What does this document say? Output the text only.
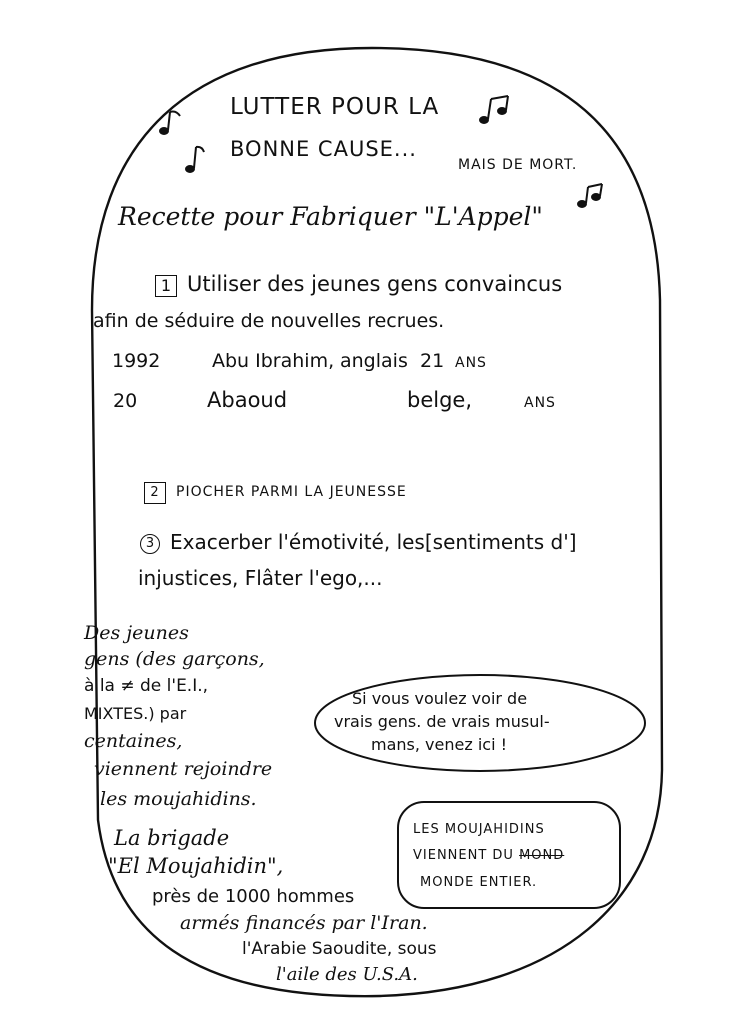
LUTTER POUR LA
BONNE CAUSE...
MAIS DE MORT.
Recette pour Fabriquer "L'Appel"
1 Utiliser des jeunes gens convaincus
afin de séduire de nouvelles recrues.
1992	Abu Ibrahim, anglais 21 ANS
20	Abaoud	belge,	ANS
2 PIOCHER PARMI LA JEUNESSE
3 Exacerber l'émotivité, les[sentiments d']
injustices, Flâter l'ego,...
Des jeunes
gens (des garçons,
à la ≠ de l'E.I.,
MIXTES.) par
centaines,
viennent rejoindre
les moujahidins.
Si vous voulez voir de
vrais gens. de vrais musul-
mans, venez ici !
LES MOUJAHIDINS
VIENNENT DU MOND
MONDE ENTIER.
La brigade
"El Moujahidin",
près de 1000 hommes
armés financés par l'Iran.
l'Arabie Saoudite, sous
l'aile des U.S.A.
